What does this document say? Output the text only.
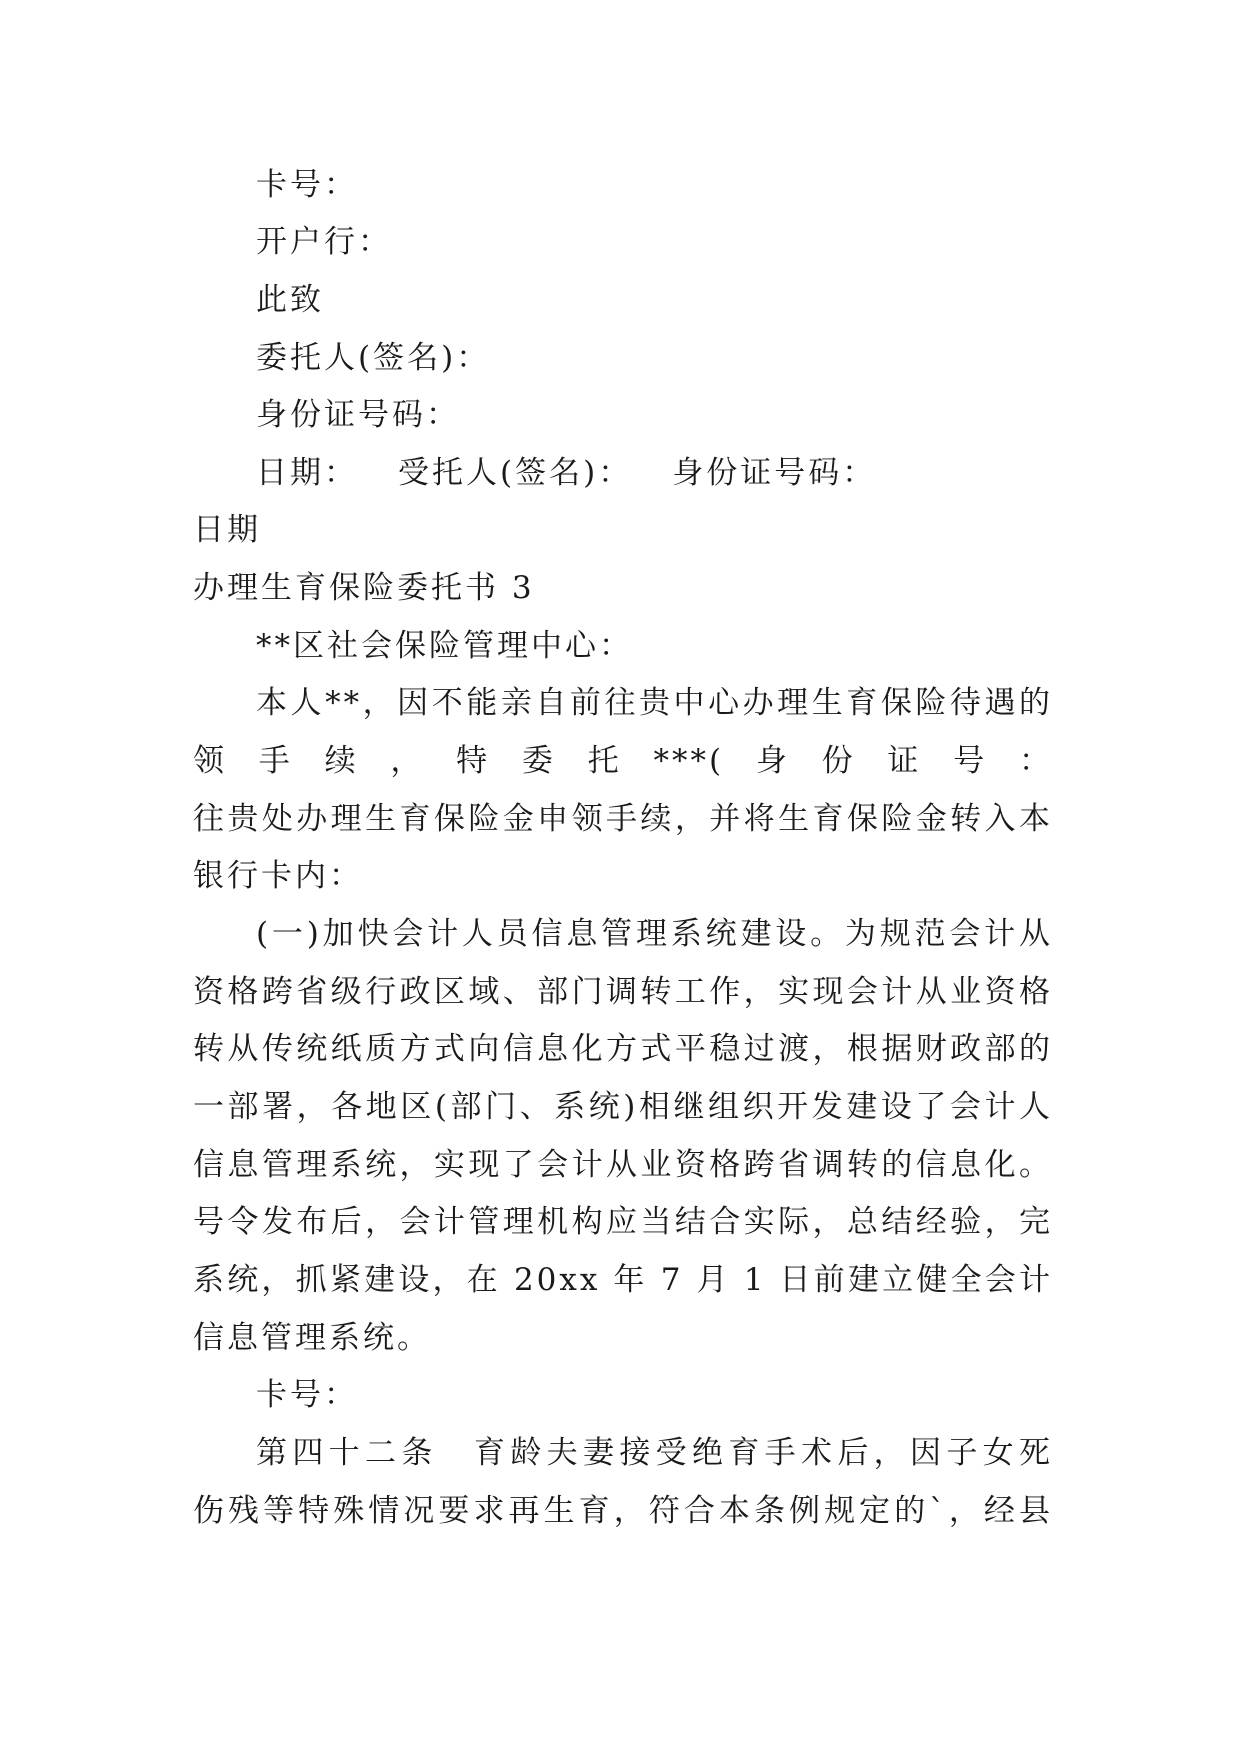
卡号：
开户行：
此致
委托人(签名)：
身份证号码：
日期： 受托人(签名)： 身份证号码：
日期
办理生育保险委托书 3
**区社会保险管理中心：
本人**，因不能亲自前往贵中心办理生育保险待遇的
领手续，特委托***(身份证号：
往贵处办理生育保险金申领手续，并将生育保险金转入本
银行卡内：
(一)加快会计人员信息管理系统建设。为规范会计从
资格跨省级行政区域、部门调转工作，实现会计从业资格
转从传统纸质方式向信息化方式平稳过渡，根据财政部的
一部署，各地区(部门、系统)相继组织开发建设了会计人
信息管理系统，实现了会计从业资格跨省调转的信息化。
号令发布后，会计管理机构应当结合实际，总结经验，完
系统，抓紧建设，在 20xx 年 7 月 1 日前建立健全会计
信息管理系统。
卡号：
第四十二条　育龄夫妻接受绝育手术后，因子女死
伤残等特殊情况要求再生育，符合本条例规定的`，经县
